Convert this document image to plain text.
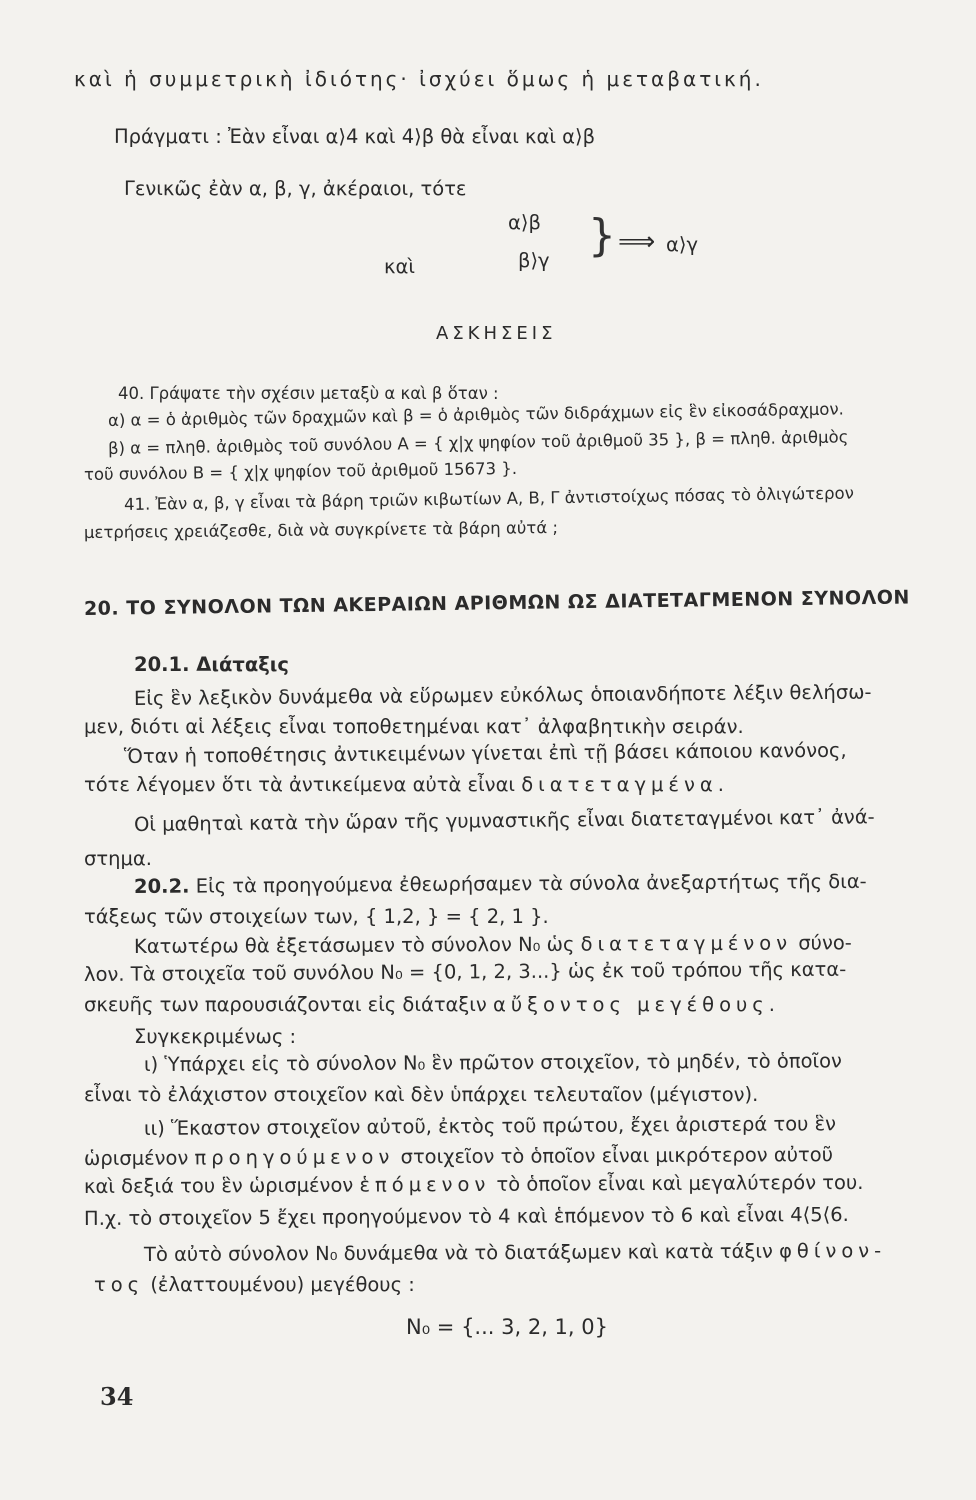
καὶ ἡ συμμετρικὴ ἰδιότης· ἰσχύει ὅμως ἡ μεταβατική.
Πράγματι : Ἐὰν εἶναι α⟩4 καὶ 4⟩β θὰ εἶναι καὶ α⟩β
Γενικῶς ἐὰν α, β, γ, ἀκέραιοι, τότε
α⟩β
καὶ	β⟩γ } ⟹ α⟩γ
ΑΣΚΗΣΕΙΣ
40. Γράψατε τὴν σχέσιν μεταξὺ α καὶ β ὅταν :
α) α = ὁ ἀριθμὸς τῶν δραχμῶν καὶ β = ὁ ἀριθμὸς τῶν διδράχμων εἰς ἓν εἰκοσάδραχμον.
β) α = πληθ. ἀριθμὸς τοῦ συνόλου Α = { χ|χ ψηφίον τοῦ ἀριθμοῦ 35 }, β = πληθ. ἀριθμὸς
τοῦ συνόλου Β = { χ|χ ψηφίον τοῦ ἀριθμοῦ 15673 }.
41. Ἐὰν α, β, γ εἶναι τὰ βάρη τριῶν κιβωτίων Α, Β, Γ ἀντιστοίχως πόσας τὸ ὀλιγώτερον
μετρήσεις χρειάζεσθε, διὰ νὰ συγκρίνετε τὰ βάρη αὐτά ;
20. ΤΟ ΣΥΝΟΛΟΝ ΤΩΝ ΑΚΕΡΑΙΩΝ ΑΡΙΘΜΩΝ ΩΣ ΔΙΑΤΕΤΑΓΜΕΝΟΝ ΣΥΝΟΛΟΝ
20.1. Διάταξις
Εἰς ἓν λεξικὸν δυνάμεθα νὰ εὕρωμεν εὐκόλως ὁποιανδήποτε λέξιν θελήσω-
μεν, διότι αἱ λέξεις εἶναι τοποθετημέναι κατ᾽ ἀλφαβητικὴν σειράν.
Ὅταν ἡ τοποθέτησις ἀντικειμένων γίνεται ἐπὶ τῇ βάσει κάποιου κανόνος,
τότε λέγομεν ὅτι τὰ ἀντικείμενα αὐτὰ εἶναι διατεταγμένα.
Οἱ μαθηταὶ κατὰ τὴν ὥραν τῆς γυμναστικῆς εἶναι διατεταγμένοι κατ᾽ ἀνά-
στημα.
20.2. Εἰς τὰ προηγούμενα ἐθεωρήσαμεν τὰ σύνολα ἀνεξαρτήτως τῆς δια-
τάξεως τῶν στοιχείων των, { 1,2, } = { 2, 1 }.
Κατωτέρω θὰ ἐξετάσωμεν τὸ σύνολον N₀ ὡς διατεταγμένον σύνο-
λον. Τὰ στοιχεῖα τοῦ συνόλου N₀ = {0, 1, 2, 3...} ὡς ἐκ τοῦ τρόπου τῆς κατα-
σκευῆς των παρουσιάζονται εἰς διάταξιν αὔξοντος μεγέθους.
Συγκεκριμένως :
ι) Ὑπάρχει εἰς τὸ σύνολον N₀ ἓν πρῶτον στοιχεῖον, τὸ μηδέν, τὸ ὁποῖον
εἶναι τὸ ἐλάχιστον στοιχεῖον καὶ δὲν ὑπάρχει τελευταῖον (μέγιστον).
ιι) Ἕκαστον στοιχεῖον αὐτοῦ, ἐκτὸς τοῦ πρώτου, ἔχει ἀριστερά του ἓν
ὡρισμένον προηγούμενον στοιχεῖον τὸ ὁποῖον εἶναι μικρότερον αὐτοῦ
καὶ δεξιά του ἓν ὡρισμένον ἑπόμενον τὸ ὁποῖον εἶναι καὶ μεγαλύτερόν του.
Π.χ. τὸ στοιχεῖον 5 ἔχει προηγούμενον τὸ 4 καὶ ἑπόμενον τὸ 6 καὶ εἶναι 4⟨5⟨6.
Τὸ αὐτὸ σύνολον N₀ δυνάμεθα νὰ τὸ διατάξωμεν καὶ κατὰ τάξιν φθίνον-
τος (ἐλαττουμένου) μεγέθους :
N₀ = {... 3, 2, 1, 0}
34
